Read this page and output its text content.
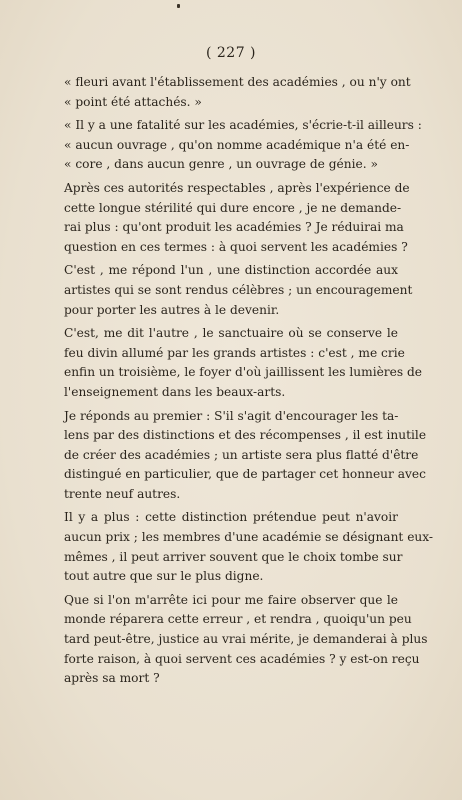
( 227 )
« fleuri avant l'établissement des académies , ou n'y ont
« point été attachés. »
« Il y a une fatalité sur les académies, s'écrie-t-il ailleurs :
« aucun ouvrage , qu'on nomme académique n'a été en-
« core , dans aucun genre , un ouvrage de génie. »
Après ces autorités respectables , après l'expérience de
cette longue stérilité qui dure encore , je ne demande-
rai plus : qu'ont produit les académies ? Je réduirai ma
question en ces termes : à quoi servent les académies ?
C'est , me répond l'un , une distinction accordée aux
artistes qui se sont rendus célèbres ; un encouragement
pour porter les autres à le devenir.
C'est, me dit l'autre , le sanctuaire où se conserve le
feu divin allumé par les grands artistes : c'est , me crie
enfin un troisième, le foyer d'où jaillissent les lumières de
l'enseignement dans les beaux-arts.
Je réponds au premier : S'il s'agit d'encourager les ta-
lens par des distinctions et des récompenses , il est inutile
de créer des académies ; un artiste sera plus flatté d'être
distingué en particulier, que de partager cet honneur avec
trente neuf autres.
Il y a plus : cette distinction prétendue peut n'avoir
aucun prix ; les membres d'une académie se désignant eux-
mêmes , il peut arriver souvent que le choix tombe sur
tout autre que sur le plus digne.
Que si l'on m'arrête ici pour me faire observer que le
monde réparera cette erreur , et rendra , quoiqu'un peu
tard peut-être, justice au vrai mérite, je demanderai à plus
forte raison, à quoi servent ces académies ? y est-on reçu
après sa mort ?
